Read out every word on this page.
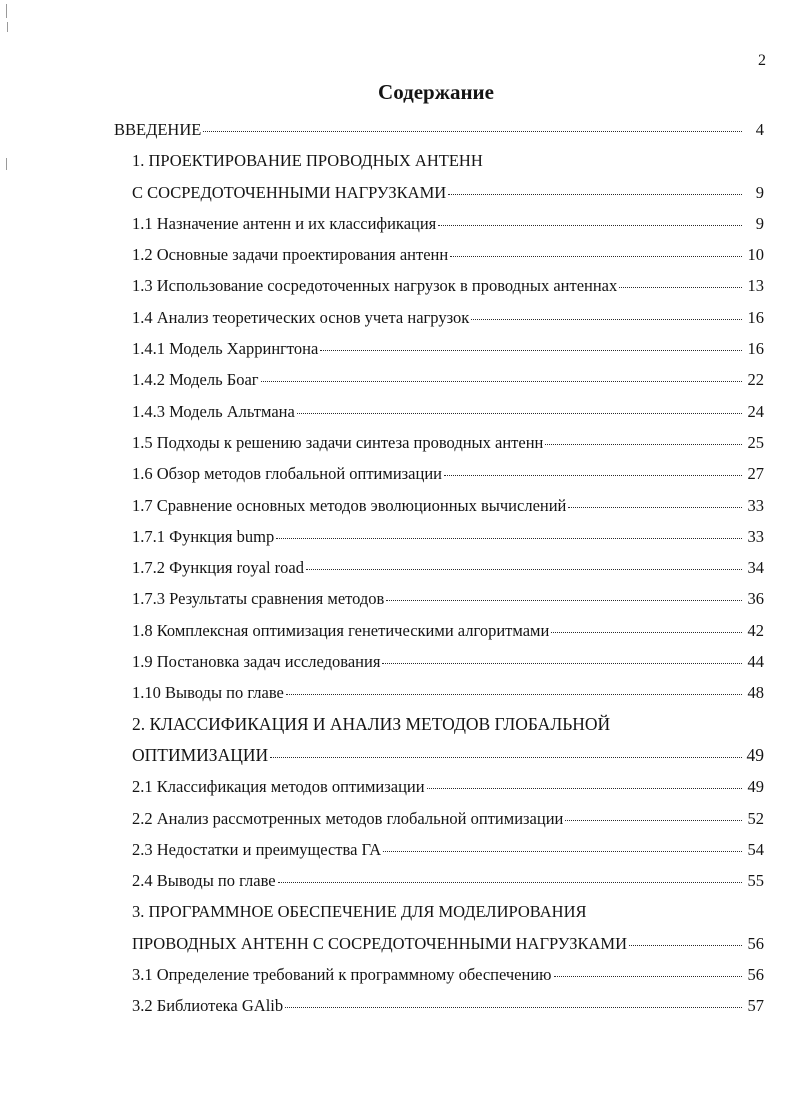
2
Содержание
ВВЕДЕНИЕ	4
1. ПРОЕКТИРОВАНИЕ ПРОВОДНЫХ АНТЕНН
С СОСРЕДОТОЧЕННЫМИ НАГРУЗКАМИ	9
1.1 Назначение антенн и их классификация	9
1.2 Основные задачи проектирования антенн	10
1.3 Использование сосредоточенных нагрузок в проводных антеннах	13
1.4 Анализ теоретических основ учета нагрузок	16
1.4.1 Модель Харрингтона	16
1.4.2 Модель Боаг	22
1.4.3 Модель Альтмана	24
1.5 Подходы к решению задачи синтеза проводных антенн	25
1.6 Обзор методов глобальной оптимизации	27
1.7 Сравнение основных методов эволюционных вычислений	33
1.7.1 Функция bump	33
1.7.2 Функция royal road	34
1.7.3 Результаты сравнения методов	36
1.8 Комплексная оптимизация генетическими алгоритмами	42
1.9 Постановка задач исследования	44
1.10 Выводы по главе	48
2. КЛАССИФИКАЦИЯ И АНАЛИЗ МЕТОДОВ ГЛОБАЛЬНОЙ
ОПТИМИЗАЦИИ	49
2.1 Классификация методов оптимизации	49
2.2 Анализ рассмотренных методов глобальной оптимизации	52
2.3 Недостатки и преимущества ГА	54
2.4 Выводы по главе	55
3. ПРОГРАММНОЕ ОБЕСПЕЧЕНИЕ ДЛЯ МОДЕЛИРОВАНИЯ
ПРОВОДНЫХ АНТЕНН С СОСРЕДОТОЧЕННЫМИ НАГРУЗКАМИ	56
3.1 Определение требований к программному обеспечению	56
3.2 Библиотека GAlib	57
